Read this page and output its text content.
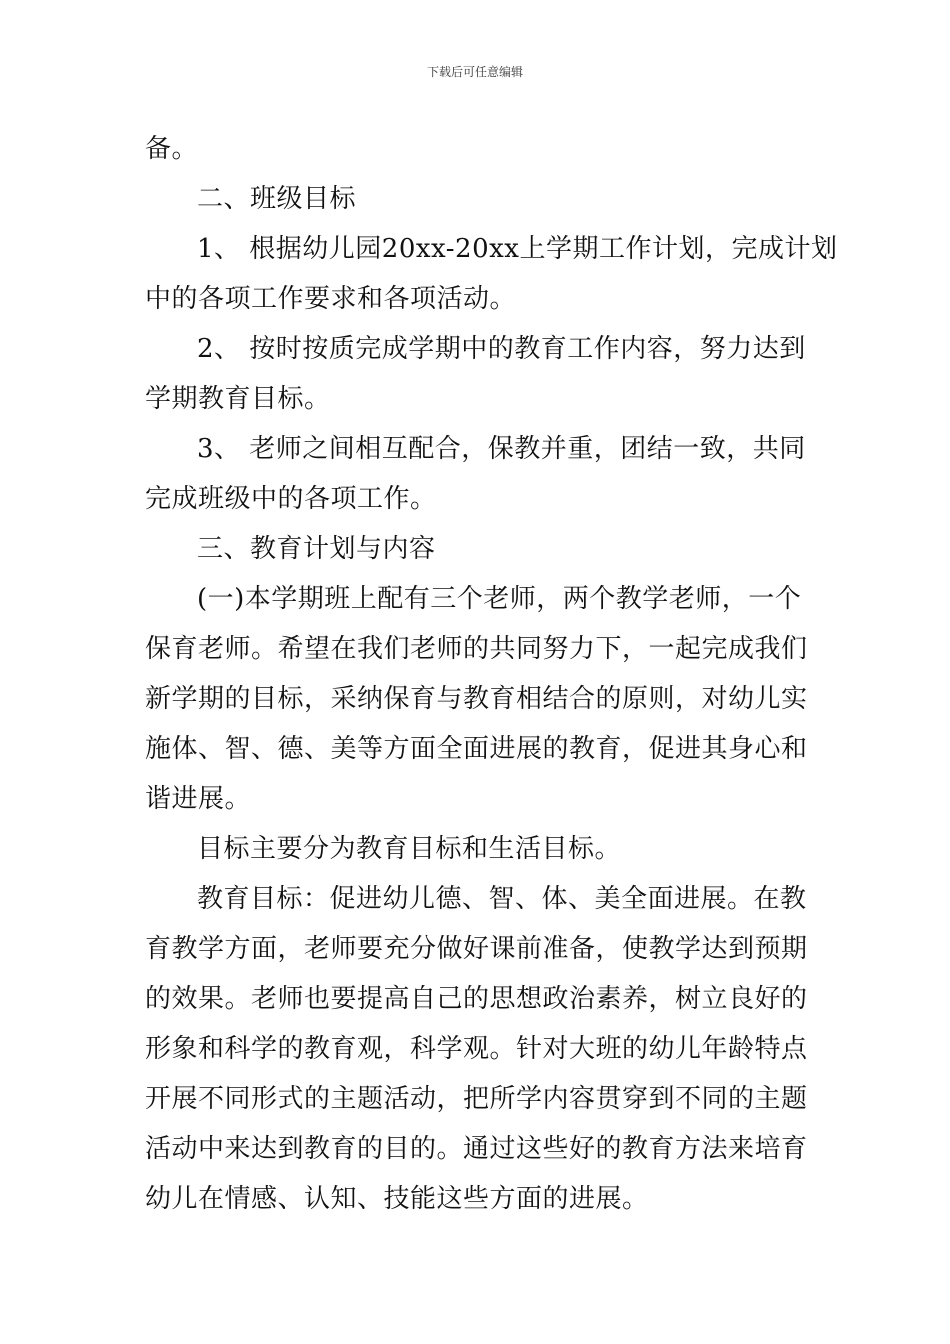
下载后可任意编辑
备。
二、班级目标
1、 根据幼儿园20xx-20xx上学期工作计划，完成计划
中的各项工作要求和各项活动。
2、 按时按质完成学期中的教育工作内容，努力达到
学期教育目标。
3、 老师之间相互配合，保教并重，团结一致，共同
完成班级中的各项工作。
三、教育计划与内容
(一)本学期班上配有三个老师，两个教学老师，一个
保育老师。希望在我们老师的共同努力下，一起完成我们
新学期的目标，采纳保育与教育相结合的原则，对幼儿实
施体、智、德、美等方面全面进展的教育，促进其身心和
谐进展。
目标主要分为教育目标和生活目标。
教育目标：促进幼儿德、智、体、美全面进展。在教
育教学方面，老师要充分做好课前准备，使教学达到预期
的效果。老师也要提高自己的思想政治素养，树立良好的
形象和科学的教育观，科学观。针对大班的幼儿年龄特点
开展不同形式的主题活动，把所学内容贯穿到不同的主题
活动中来达到教育的目的。通过这些好的教育方法来培育
幼儿在情感、认知、技能这些方面的进展。
